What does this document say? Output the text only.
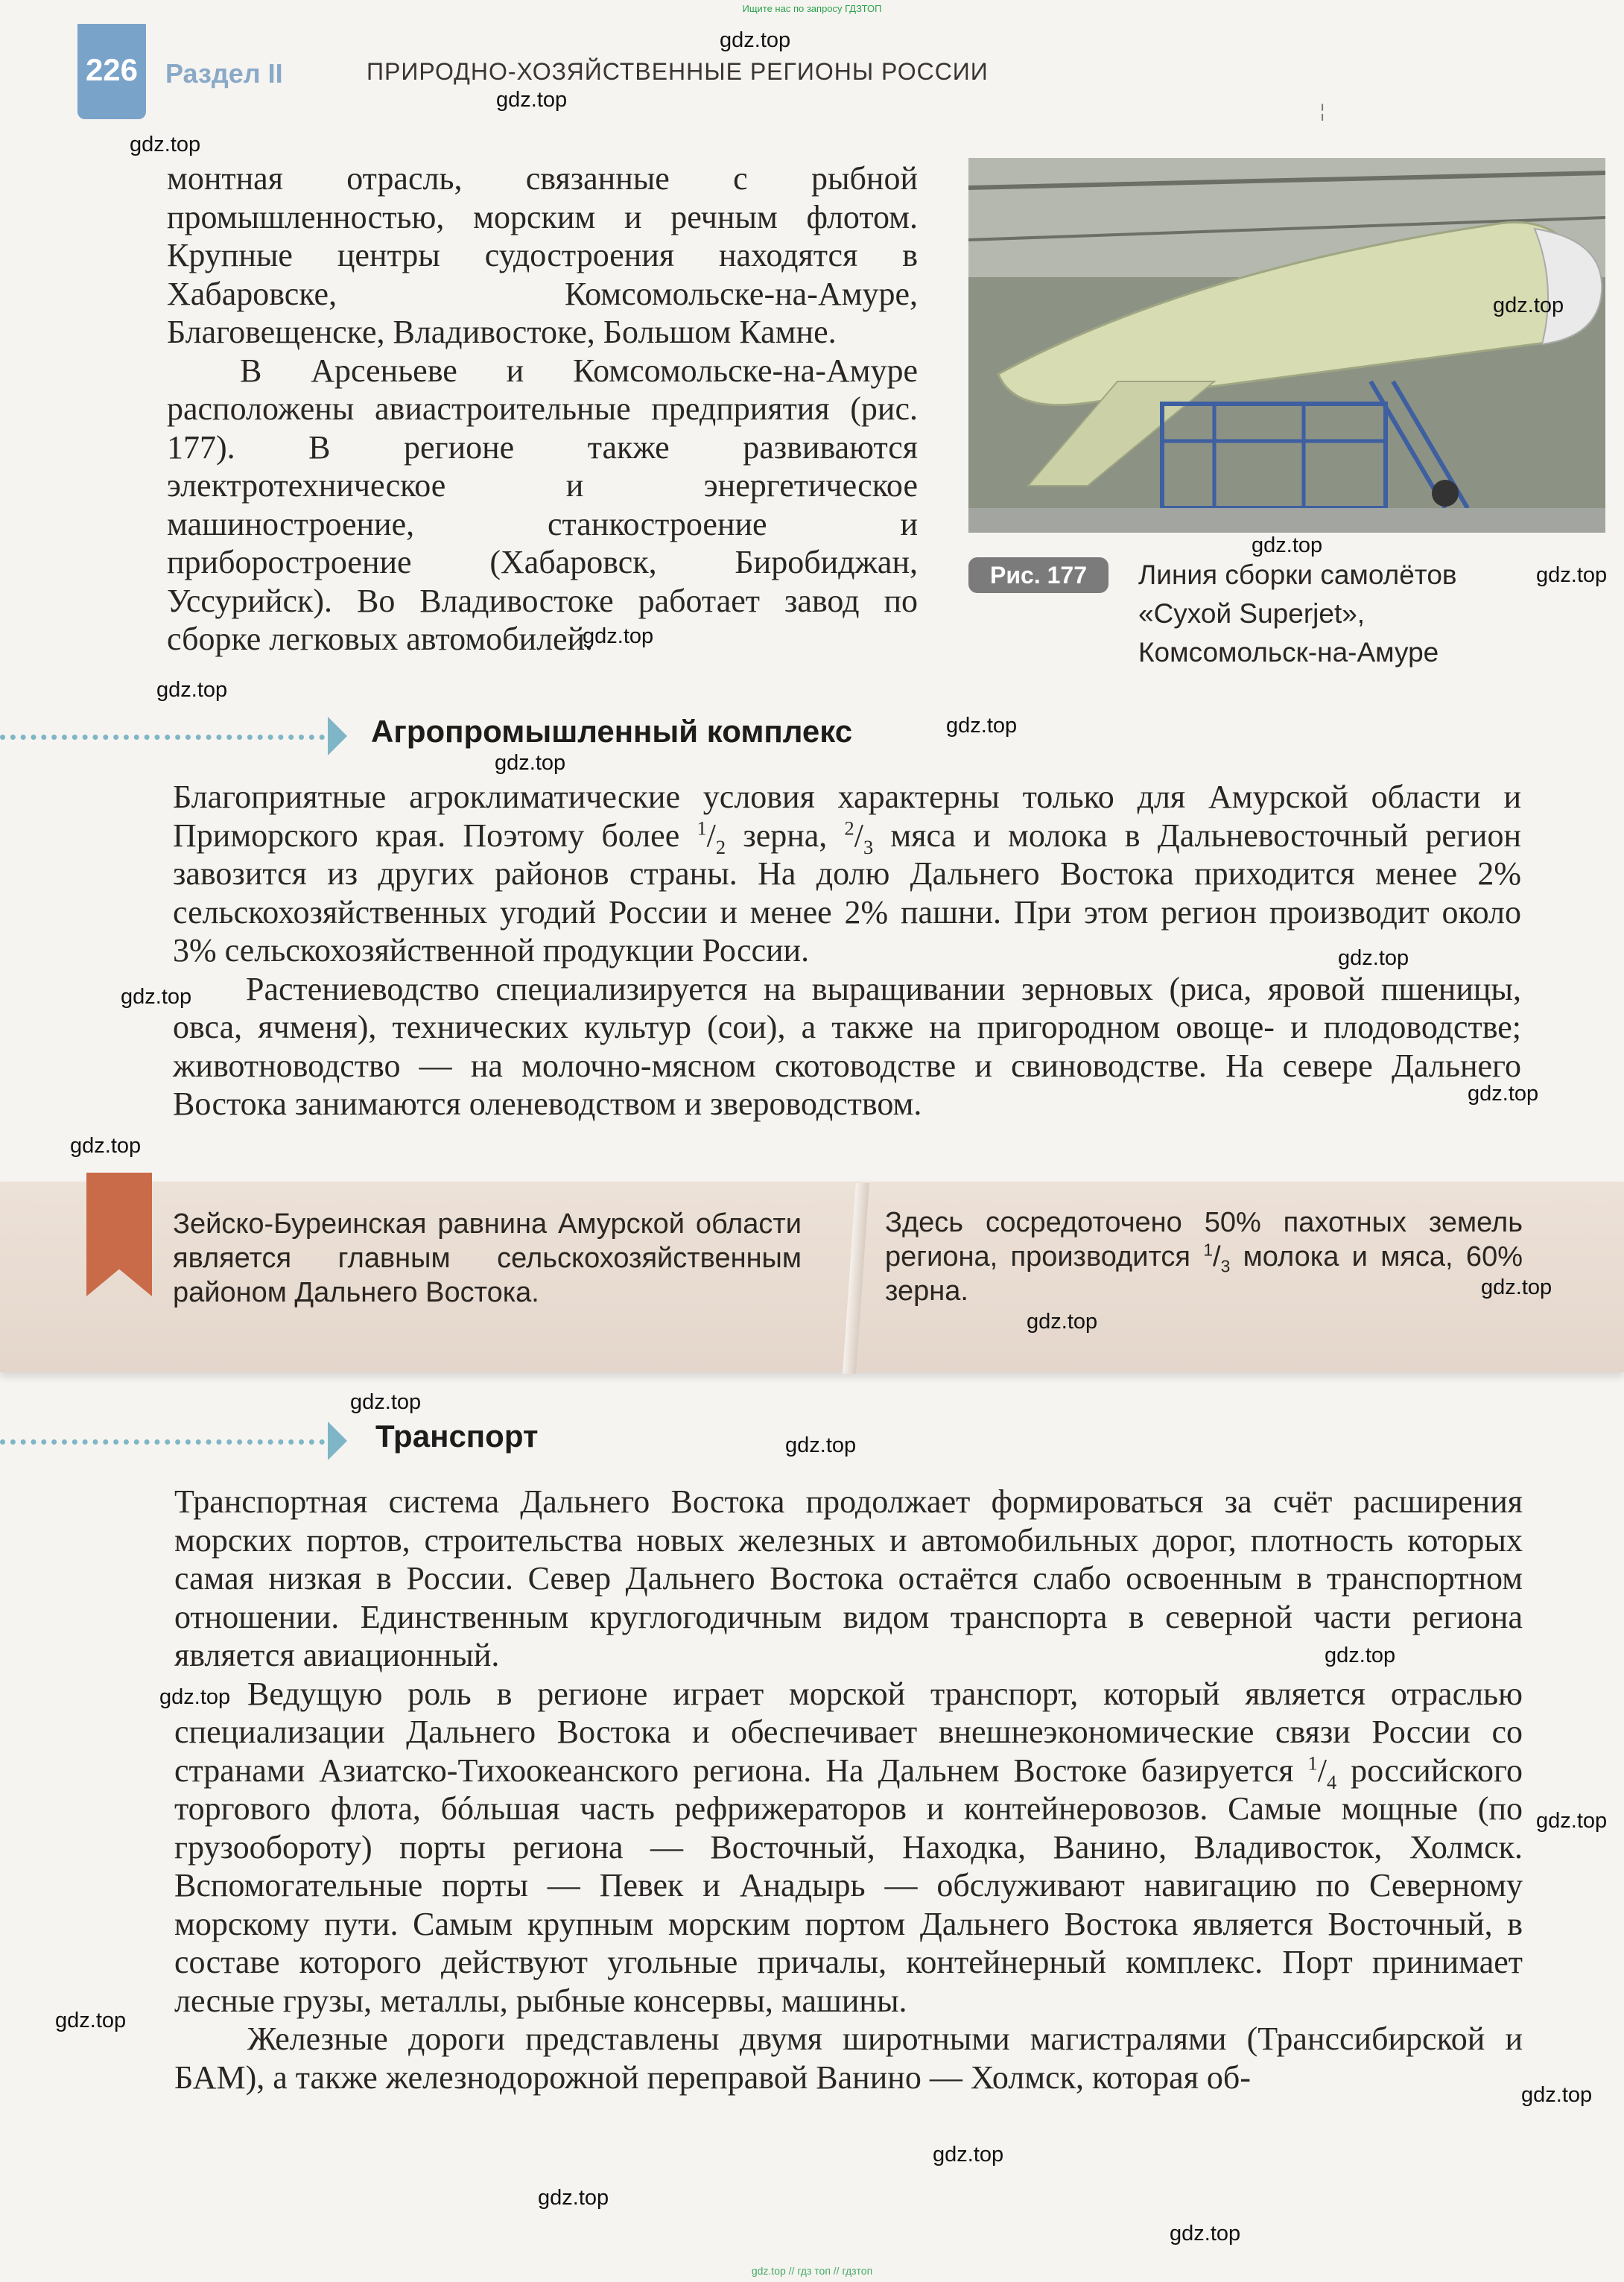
Ищите нас по запросу ГДЗТОП
226	Раздел II	ПРИРОДНО-ХОЗЯЙСТВЕННЫЕ РЕГИОНЫ РОССИИ
¦

монтная отрасль, связанные с рыбной промышленностью, морским и речным флотом. Крупные центры судостроения находятся в Хабаровске, Комсомольске-на-Амуре, Благовещенске, Владивостоке, Большом Камне.

В Арсеньеве и Комсомольске-на-Амуре расположены авиастроительные предприятия (рис. 177). В регионе также развиваются электротехническое и энергетическое машиностроение, станкостроение и приборостроение (Хабаровск, Биробиджан, Уссурийск). Во Владивостоке работает завод по сборке легковых автомобилей.

Рис. 177	Линия сборки самолётов
«Сухой Superjet»,
Комсомольск-на-Амуре
Агропромышленный комплекс

Благоприятные агроклиматические условия характерны только для Амурской области и Приморского края. Поэтому более $^1/_2$ зерна, $^2/_3$ мяса и молока в Дальневосточный регион завозится из других районов страны. На долю Дальнего Востока приходится менее 2% сельскохозяйственных угодий России и менее 2% пашни. При этом регион производит около 3% сельскохозяйственной продукции России.

Растениеводство специализируется на выращивании зерновых (риса, яровой пшеницы, овса, ячменя), технических культур (сои), а также на пригородном овоще- и плодоводстве; животноводство — на молочно-мясном скотоводстве и свиноводстве. На севере Дальнего Востока занимаются оленеводством и звероводством.

Зейско-Буреинская равнина Амурской области является главным сельскохозяйственным районом Дальнего Востока.
Здесь сосредоточено 50% пахотных земель региона, производится $^1/_3$ молока и мяса, 60% зерна.
Транспорт

Транспортная система Дальнего Востока продолжает формироваться за счёт расширения морских портов, строительства новых железных и автомобильных дорог, плотность которых самая низкая в России. Север Дальнего Востока остаётся слабо освоенным в транспортном отношении. Единственным круглогодичным видом транспорта в северной части региона является авиационный.

Ведущую роль в регионе играет морской транспорт, который является отраслью специализации Дальнего Востока и обеспечивает внешнеэкономические связи России со странами Азиатско-Тихоокеанского региона. На Дальнем Востоке базируется $^1/_4$ российского торгового флота, бóльшая часть рефрижераторов и контейнеровозов. Самые мощные (по грузообороту) порты региона — Восточный, Находка, Ванино, Владивосток, Холмск. Вспомогательные порты — Певек и Анадырь — обслуживают навигацию по Северному морскому пути. Самым крупным морским портом Дальнего Востока является Восточный, в составе которого действуют угольные причалы, контейнерный комплекс. Порт принимает лесные грузы, металлы, рыбные консервы, машины.

Железные дороги представлены двумя широтными магистралями (Транссибирской и БАМ), а также железнодорожной переправой Ванино — Холмск, которая об-

gdz.top
gdz.top
gdz.top
gdz.top
gdz.top
gdz.top
gdz.top
gdz.top
gdz.top
gdz.top
gdz.top
gdz.top
gdz.top
gdz.top
gdz.top
gdz.top
gdz.top
gdz.top
gdz.top
gdz.top
gdz.top
gdz.top
gdz.top
gdz.top
gdz.top
gdz.top
gdz.top // гдз топ // гдзтоп
